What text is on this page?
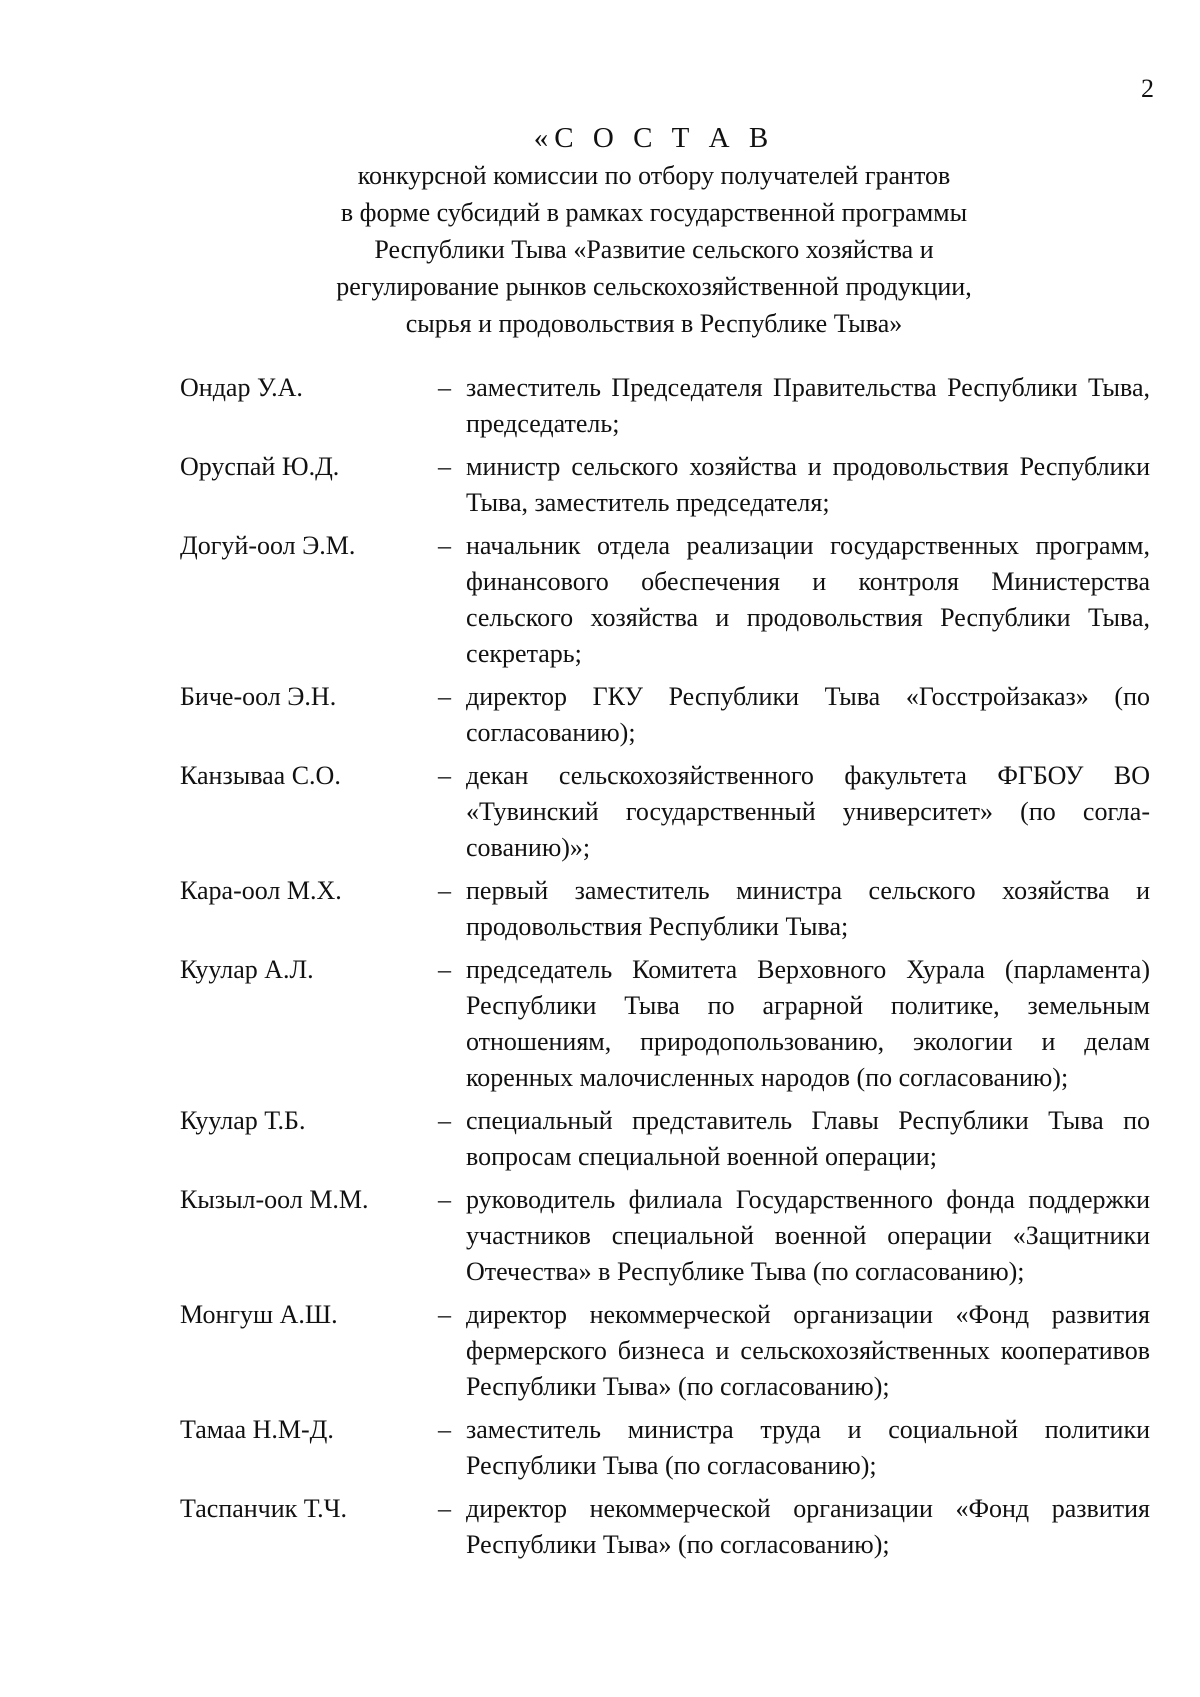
2
«С О С Т А В
конкурсной комиссии по отбору получателей грантов
в форме субсидий в рамках государственной программы
Республики Тыва «Развитие сельского хозяйства и
регулирование рынков сельскохозяйственной продукции,
сырья и продовольствия в Республике Тыва»
Ондар У.А.	– заместитель Председателя Правительства Республики Тыва, председатель;
Оруспай Ю.Д.	– министр сельского хозяйства и продовольствия Республики Тыва, заместитель председателя;
Догуй-оол Э.М.	– начальник отдела реализации государственных программ, финансового обеспечения и контроля Министерства сельского хозяйства и продовольствия Республики Тыва, секретарь;
Биче-оол Э.Н.	– директор ГКУ Республики Тыва «Госстройзаказ» (по согласованию);
Канзываа С.О.	– декан сельскохозяйственного факультета ФГБОУ ВО «Тувинский государственный университет» (по согласованию)»;
Кара-оол М.Х.	– первый заместитель министра сельского хозяйства и продовольствия Республики Тыва;
Куулар А.Л.	– председатель Комитета Верховного Хурала (парламента) Республики Тыва по аграрной политике, земельным отношениям, природопользованию, экологии и делам коренных малочисленных народов (по согласованию);
Куулар Т.Б.	– специальный представитель Главы Республики Тыва по вопросам специальной военной операции;
Кызыл-оол М.М.	– руководитель филиала Государственного фонда поддержки участников специальной военной операции «Защитники Отечества» в Республике Тыва (по согласованию);
Монгуш А.Ш.	– директор некоммерческой организации «Фонд развития фермерского бизнеса и сельскохозяйственных кооперативов Республики Тыва» (по согласованию);
Тамаа Н.М-Д.	– заместитель министра труда и социальной политики Республики Тыва (по согласованию);
Таспанчик Т.Ч.	– директор некоммерческой организации «Фонд развития Республики Тыва» (по согласованию);
